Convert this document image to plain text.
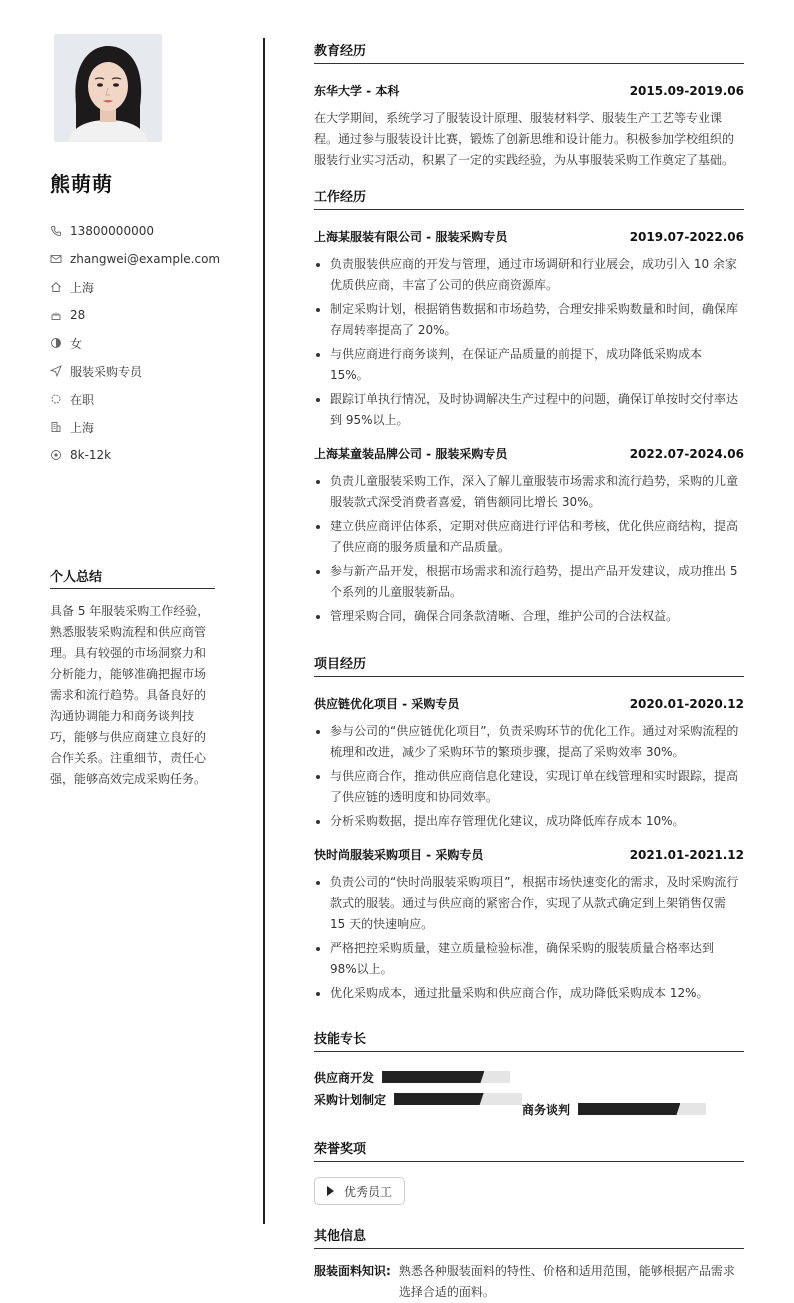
熊萌萌
13800000000
zhangwei@example.com
上海
28
女
服装采购专员
在职
上海
8k-12k
个人总结
具备 5 年服装采购工作经验，熟悉服装采购流程和供应商管理。具有较强的市场洞察力和分析能力，能够准确把握市场需求和流行趋势。具备良好的沟通协调能力和商务谈判技巧，能够与供应商建立良好的合作关系。注重细节，责任心强，能够高效完成采购任务。
教育经历
东华大学 - 本科	2015.09-2019.06
在大学期间，系统学习了服装设计原理、服装材料学、服装生产工艺等专业课程。通过参与服装设计比赛，锻炼了创新思维和设计能力。积极参加学校组织的服装行业实习活动，积累了一定的实践经验，为从事服装采购工作奠定了基础。
工作经历
上海某服装有限公司 - 服装采购专员	2019.07-2022.06
负责服装供应商的开发与管理，通过市场调研和行业展会，成功引入 10 余家优质供应商，丰富了公司的供应商资源库。
制定采购计划，根据销售数据和市场趋势，合理安排采购数量和时间，确保库存周转率提高了 20%。
与供应商进行商务谈判，在保证产品质量的前提下，成功降低采购成本 15%。
跟踪订单执行情况，及时协调解决生产过程中的问题，确保订单按时交付率达到 95%以上。
上海某童装品牌公司 - 服装采购专员	2022.07-2024.06
负责儿童服装采购工作，深入了解儿童服装市场需求和流行趋势，采购的儿童服装款式深受消费者喜爱，销售额同比增长 30%。
建立供应商评估体系，定期对供应商进行评估和考核，优化供应商结构，提高了供应商的服务质量和产品质量。
参与新产品开发，根据市场需求和流行趋势，提出产品开发建议，成功推出 5 个系列的儿童服装新品。
管理采购合同，确保合同条款清晰、合理，维护公司的合法权益。
项目经历
供应链优化项目 - 采购专员	2020.01-2020.12
参与公司的“供应链优化项目”，负责采购环节的优化工作。通过对采购流程的梳理和改进，减少了采购环节的繁琐步骤，提高了采购效率 30%。
与供应商合作，推动供应商信息化建设，实现订单在线管理和实时跟踪，提高了供应链的透明度和协同效率。
分析采购数据，提出库存管理优化建议，成功降低库存成本 10%。
快时尚服装采购项目 - 采购专员	2021.01-2021.12
负责公司的“快时尚服装采购项目”，根据市场快速变化的需求，及时采购流行款式的服装。通过与供应商的紧密合作，实现了从款式确定到上架销售仅需 15 天的快速响应。
严格把控采购质量，建立质量检验标准，确保采购的服装质量合格率达到 98%以上。
优化采购成本，通过批量采购和供应商合作，成功降低采购成本 12%。
技能专长
供应商开发
采购计划制定
商务谈判
荣誉奖项
优秀员工
其他信息
服装面料知识: 熟悉各种服装面料的特性、价格和适用范围，能够根据产品需求选择合适的面料。
